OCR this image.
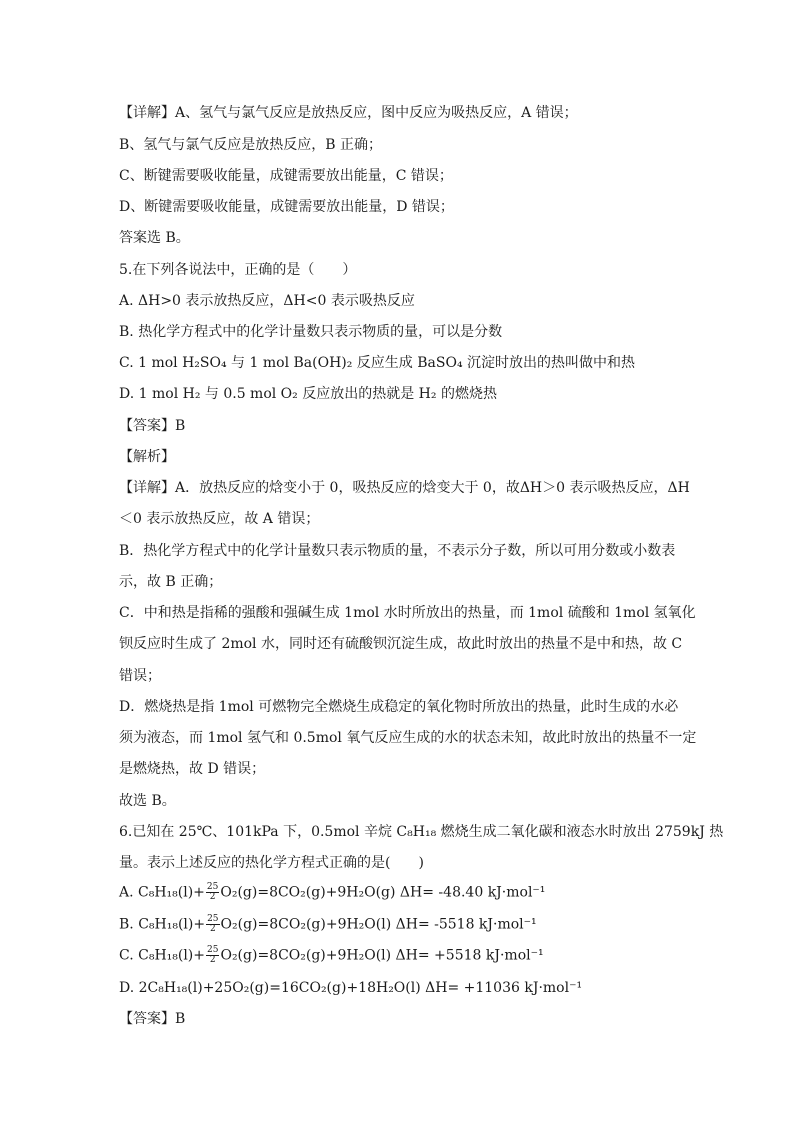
【详解】A、氢气与氯气反应是放热反应，图中反应为吸热反应，A 错误；
B、氢气与氯气反应是放热反应，B 正确；
C、断键需要吸收能量，成键需要放出能量，C 错误；
D、断键需要吸收能量，成键需要放出能量，D 错误；
答案选 B。
5.在下列各说法中，正确的是（　　）
A. ΔH>0 表示放热反应，ΔH<0 表示吸热反应
B. 热化学方程式中的化学计量数只表示物质的量，可以是分数
C. 1 mol H₂SO₄ 与 1 mol Ba(OH)₂ 反应生成 BaSO₄ 沉淀时放出的热叫做中和热
D. 1 mol H₂ 与 0.5 mol O₂ 反应放出的热就是 H₂ 的燃烧热
【答案】B
【解析】
【详解】A．放热反应的焓变小于 0，吸热反应的焓变大于 0，故ΔH＞0 表示吸热反应，ΔH
＜0 表示放热反应，故 A 错误；
B．热化学方程式中的化学计量数只表示物质的量，不表示分子数，所以可用分数或小数表
示，故 B 正确；
C．中和热是指稀的强酸和强碱生成 1mol 水时所放出的热量，而 1mol 硫酸和 1mol 氢氧化
钡反应时生成了 2mol 水，同时还有硫酸钡沉淀生成，故此时放出的热量不是中和热，故 C
错误；
D．燃烧热是指 1mol 可燃物完全燃烧生成稳定的氧化物时所放出的热量，此时生成的水必
须为液态，而 1mol 氢气和 0.5mol 氧气反应生成的水的状态未知，故此时放出的热量不一定
是燃烧热，故 D 错误；
故选 B。
6.已知在 25℃、101kPa 下，0.5mol 辛烷 C₈H₁₈ 燃烧生成二氧化碳和液态水时放出 2759kJ 热
量。表示上述反应的热化学方程式正确的是(　　)
A. $C_8H_{18}(l)+ \frac{25}{2} O_2(g)=8CO_2(g)+9H_2O(g)$ ΔH= -48.40 kJ·mol⁻¹
B. $C_8H_{18}(l)+ \frac{25}{2} O_2(g)=8CO_2(g)+9H_2O(l)$ ΔH= -5518 kJ·mol⁻¹
C. $C_8H_{18}(l)+ \frac{25}{2} O_2(g)=8CO_2(g)+9H_2O(l)$ ΔH= +5518 kJ·mol⁻¹
D. 2C₈H₁₈(l)+25O₂(g)=16CO₂(g)+18H₂O(l) ΔH= +11036 kJ·mol⁻¹
【答案】B
